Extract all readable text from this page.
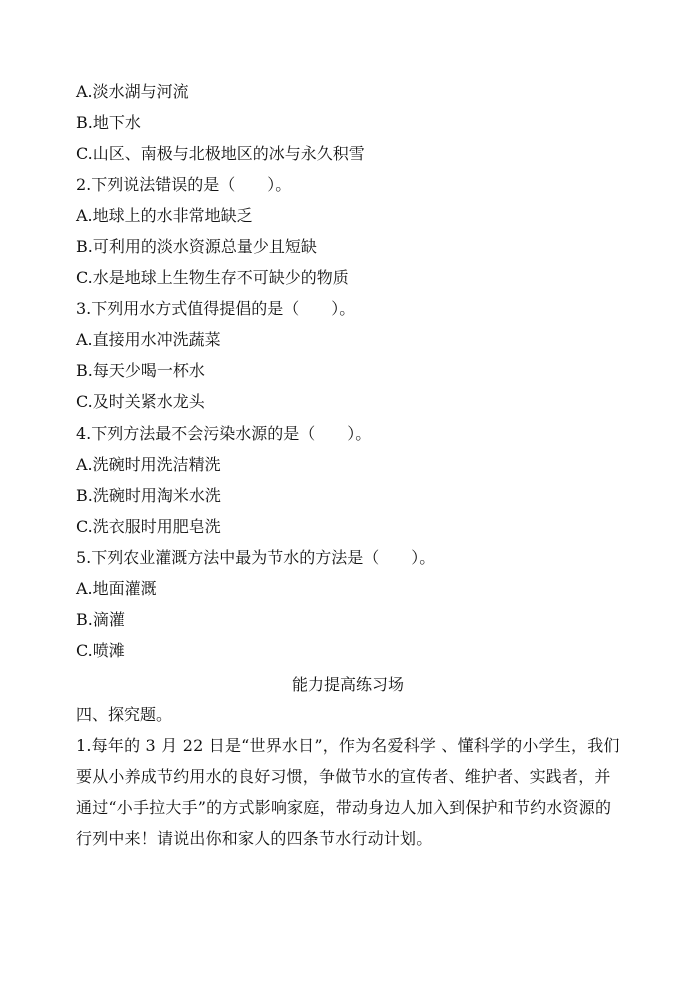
A.淡水湖与河流
B.地下水
C.山区、南极与北极地区的冰与永久积雪
2.下列说法错误的是（　　）。
A.地球上的水非常地缺乏
B.可利用的淡水资源总量少且短缺
C.水是地球上生物生存不可缺少的物质
3.下列用水方式值得提倡的是（　　）。
A.直接用水冲洗蔬菜
B.每天少喝一杯水
C.及时关紧水龙头
4.下列方法最不会污染水源的是（　　）。
A.洗碗时用洗洁精洗
B.洗碗时用淘米水洗
C.洗衣服时用肥皂洗
5.下列农业灌溉方法中最为节水的方法是（　　）。
A.地面灌溉
B.滴灌
C.喷滩
能力提高练习场
四、探究题。
1.每年的 3 月 22 日是“世界水日”，作为名爱科学 、懂科学的小学生，我们要从小养成节约用水的良好习惯，争做节水的宣传者、维护者、实践者，并通过“小手拉大手”的方式影响家庭，带动身边人加入到保护和节约水资源的行列中来！请说出你和家人的四条节水行动计划。
